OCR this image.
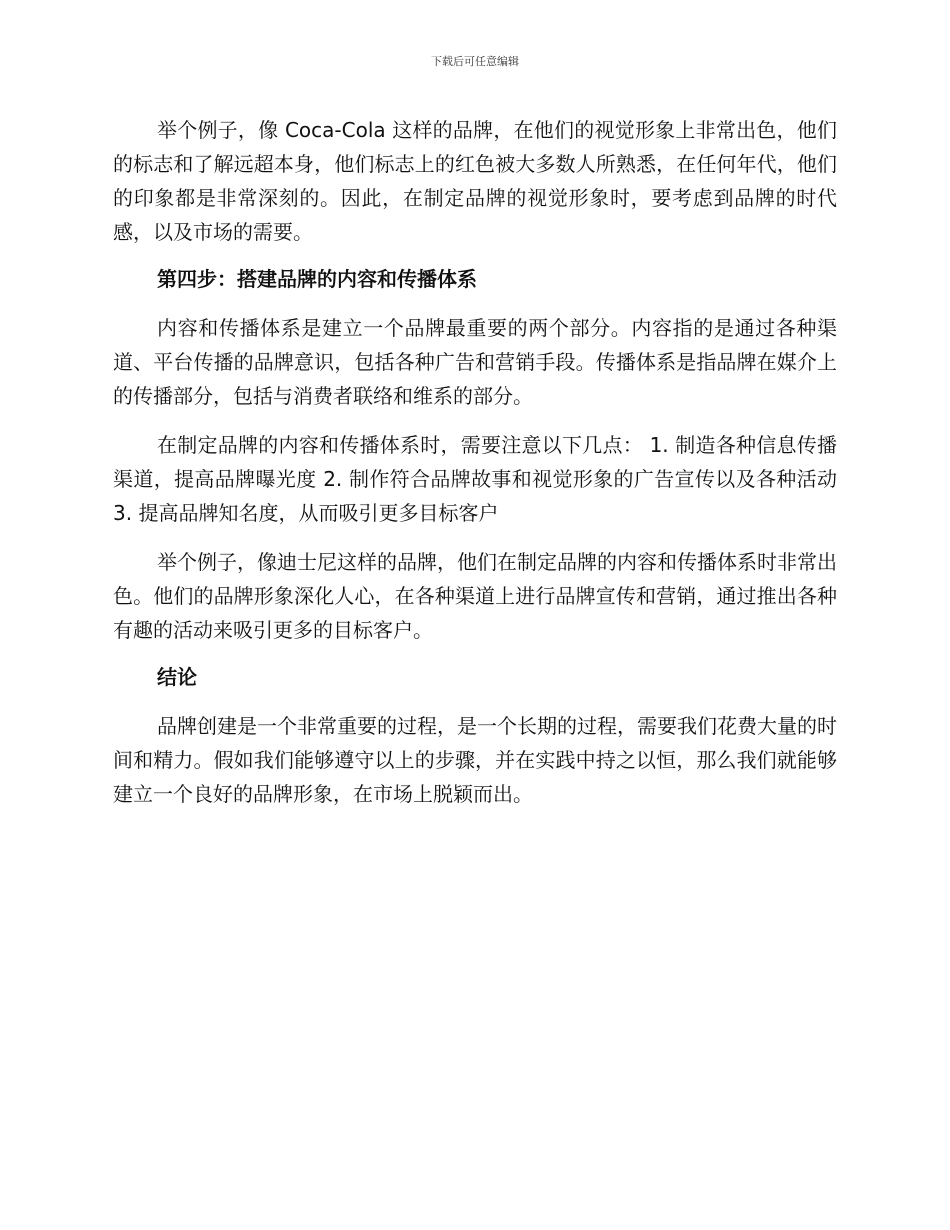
下载后可任意编辑

举个例子，像 Coca-Cola 这样的品牌，在他们的视觉形象上非常出色，他们的标志和了解远超本身，他们标志上的红色被大多数人所熟悉，在任何年代，他们的印象都是非常深刻的。因此，在制定品牌的视觉形象时，要考虑到品牌的时代感，以及市场的需要。

第四步：搭建品牌的内容和传播体系

内容和传播体系是建立一个品牌最重要的两个部分。内容指的是通过各种渠道、平台传播的品牌意识，包括各种广告和营销手段。传播体系是指品牌在媒介上的传播部分，包括与消费者联络和维系的部分。

在制定品牌的内容和传播体系时，需要注意以下几点： 1. 制造各种信息传播渠道，提高品牌曝光度 2. 制作符合品牌故事和视觉形象的广告宣传以及各种活动 3. 提高品牌知名度，从而吸引更多目标客户

举个例子，像迪士尼这样的品牌，他们在制定品牌的内容和传播体系时非常出色。他们的品牌形象深化人心，在各种渠道上进行品牌宣传和营销，通过推出各种有趣的活动来吸引更多的目标客户。

结论

品牌创建是一个非常重要的过程，是一个长期的过程，需要我们花费大量的时间和精力。假如我们能够遵守以上的步骤，并在实践中持之以恒，那么我们就能够建立一个良好的品牌形象，在市场上脱颖而出。
